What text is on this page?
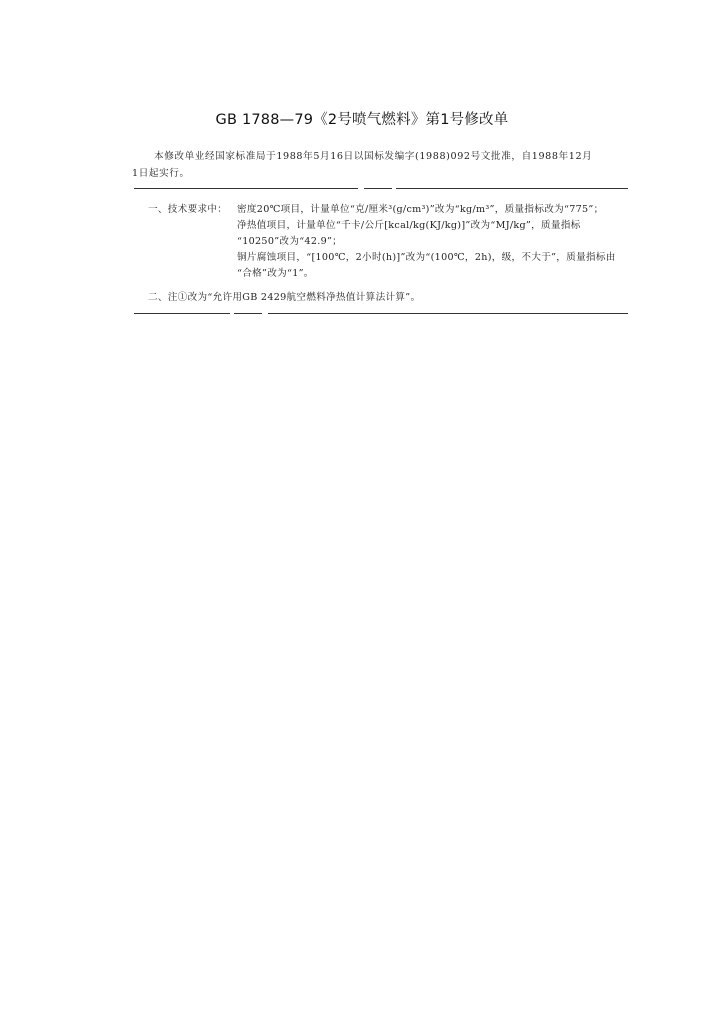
GB 1788—79《2号喷气燃料》第1号修改单
本修改单业经国家标准局于1988年5月16日以国标发编字(1988)092号文批准，自1988年12月
1日起实行。
一、技术要求中： 密度20℃项目，计量单位“克/厘米³(g/cm³)”改为“kg/m³”，质量指标改为“775”；
净热值项目，计量单位“千卡/公斤[kcal/kg(KJ/kg)]”改为“MJ/kg”，质量指标
“10250”改为“42.9”；
铜片腐蚀项目，“[100℃，2小时(h)]”改为“(100℃，2h)，级，不大于”，质量指标由
“合格”改为“1”。
二、注①改为“允许用GB 2429航空燃料净热值计算法计算”。
